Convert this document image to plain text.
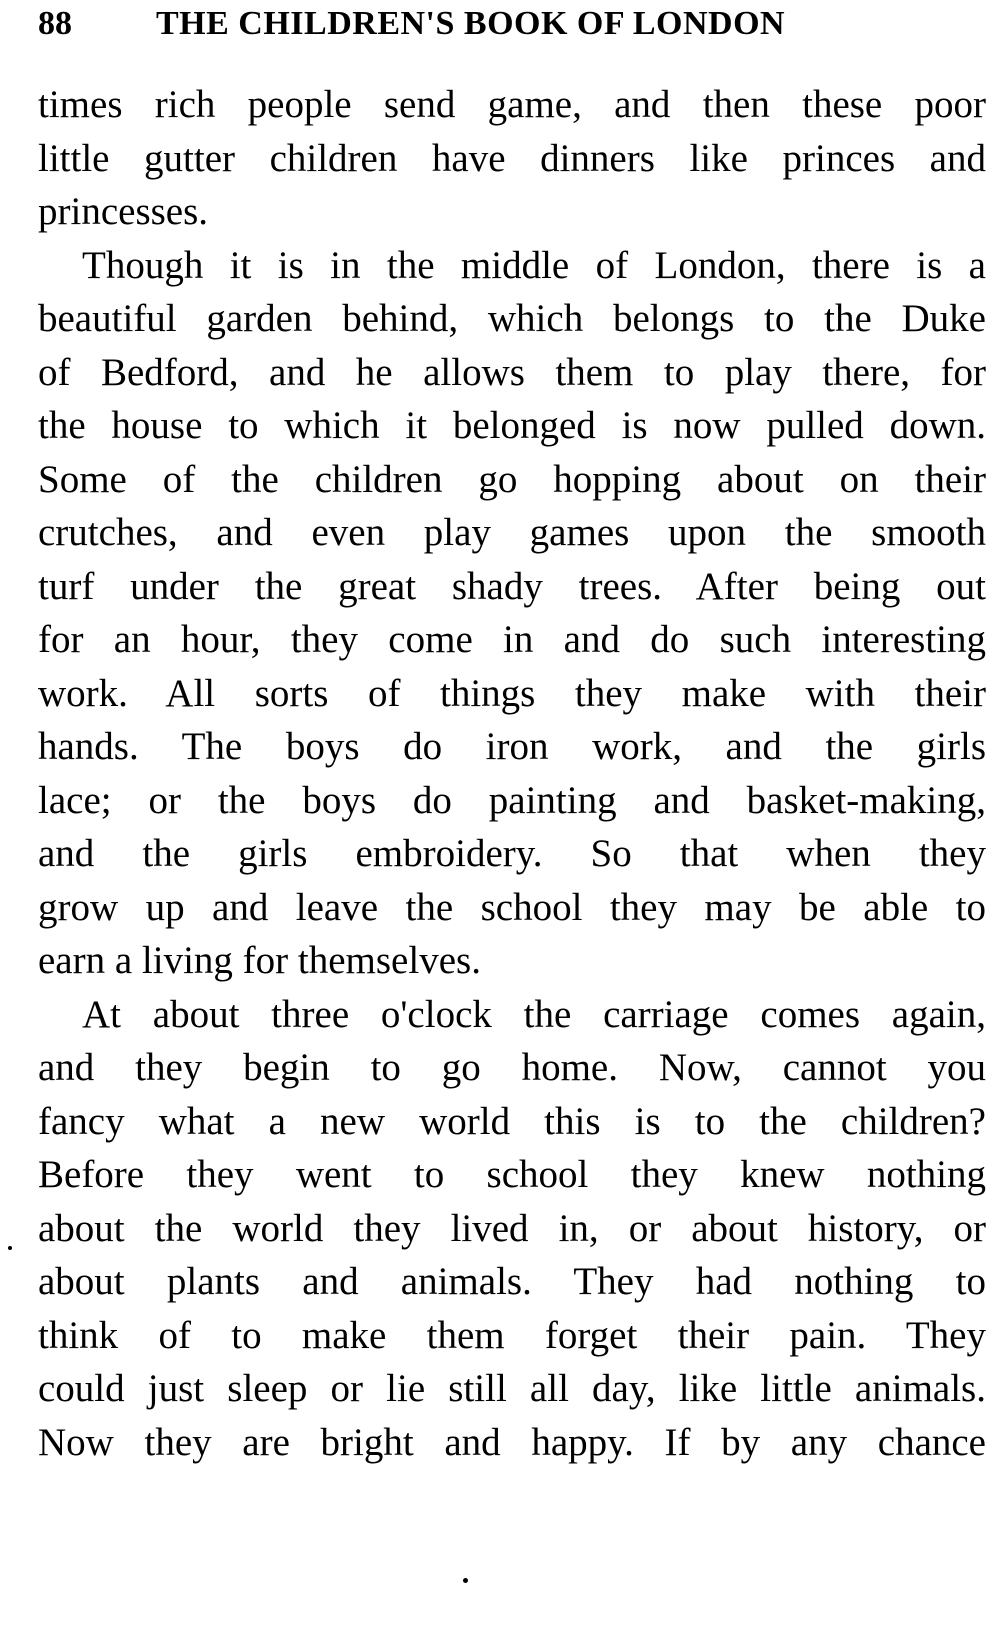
88 THE CHILDREN'S BOOK OF LONDON
times rich people send game, and then these poor
little gutter children have dinners like princes and
princesses.
Though it is in the middle of London, there is a
beautiful garden behind, which belongs to the Duke
of Bedford, and he allows them to play there, for
the house to which it belonged is now pulled down.
Some of the children go hopping about on their
crutches, and even play games upon the smooth
turf under the great shady trees. After being out
for an hour, they come in and do such interesting
work. All sorts of things they make with their
hands. The boys do iron work, and the girls
lace; or the boys do painting and basket-making,
and the girls embroidery. So that when they
grow up and leave the school they may be able to
earn a living for themselves.
At about three o'clock the carriage comes again,
and they begin to go home. Now, cannot you
fancy what a new world this is to the children?
Before they went to school they knew nothing
about the world they lived in, or about history, or
about plants and animals. They had nothing to
think of to make them forget their pain. They
could just sleep or lie still all day, like little animals.
Now they are bright and happy. If by any chance
